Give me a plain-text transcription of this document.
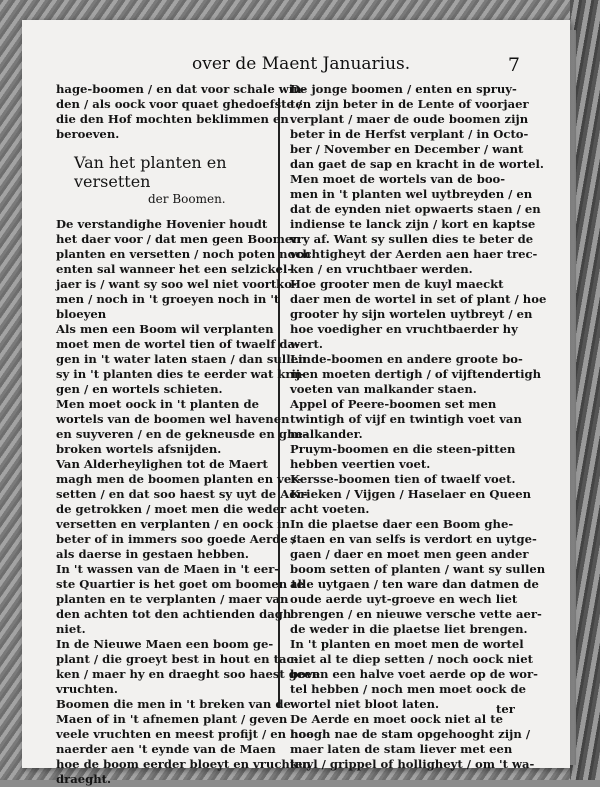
over de Maent Januarius.	7
hage-boomen / en dat voor schale win-
den / als oock voor quaet ghedoefste /
die den Hof mochten beklimmen en
beroeven.
Van het planten en versetten
der Boomen.
De verstandighe Hovenier houdt
het daer voor / dat men geen Boomen
planten en versetten / noch poten noch
enten sal wanneer het een selzickel-
jaer is / want sy soo wel niet voortko-
men / noch in 't groeyen noch in 't
bloeyen
Als men een Boom wil verplanten
moet men de wortel tien of twaelf da-
gen in 't water laten staen / dan sullen
sy in 't planten dies te eerder wat krij-
gen / en wortels schieten.
Men moet oock in 't planten de
wortels van de boomen wel havenen
en suyveren / en de gekneusde en ghe-
broken wortels afsnijden.
Van Alderheylighen tot de Maert
magh men de boomen planten en ver-
setten / en dat soo haest sy uyt de Aer-
de getrokken / moet men die weder
versetten en verplanten / en oock in
beter of in immers soo goede Aerde /
als daerse in gestaen hebben.
In 't wassen van de Maen in 't eer-
ste Quartier is het goet om boomen te
planten en te verplanten / maer van
den achten tot den achtienden dagh
niet.
In de Nieuwe Maen een boom ge-
plant / die groeyt best in hout en tac-
ken / maer hy en draeght soo haest geen
vruchten.
Boomen die men in 't breken van de
Maen of in 't afnemen plant / geven
veele vruchten en meest profijt / en hoe
naerder aen 't eynde van de Maen
hoe de boom eerder bloeyt en vruchten
draeght.
De jonge boomen / enten en spruy-
ten zijn beter in de Lente of voorjaer
verplant / maer de oude boomen zijn
beter in de Herfst verplant / in Octo-
ber / November en December / want
dan gaet de sap en kracht in de wortel.
Men moet de wortels van de boo-
men in 't planten wel uytbreyden / en
dat de eynden niet opwaerts staen / en
indiense te lanck zijn / kort en kaptse
vry af. Want sy sullen dies te beter de
vochtigheyt der Aerden aen haer trec-
ken / en vruchtbaer werden.
Hoe grooter men de kuyl maeckt
daer men de wortel in set of plant / hoe
grooter hy sijn wortelen uytbreyt / en
hoe voedigher en vruchtbaerder hy
wert.
Linde-boomen en andere groote bo-
men moeten dertigh / of vijftendertigh
voeten van malkander staen.
Appel of Peere-boomen set men
twintigh of vijf en twintigh voet van
malkander.
Pruym-boomen en die steen-pitten
hebben veertien voet.
Kersse-boomen tien of twaelf voet.
Krieken / Vijgen / Haselaer en Queen
acht voeten.
In die plaetse daer een Boom ghe-
staen en van selfs is verdort en uytge-
gaen / daer en moet men geen ander
boom setten of planten / want sy sullen
alle uytgaen / ten ware dan datmen de
oude aerde uyt-groeve en wech liet
brengen / en nieuwe versche vette aer-
de weder in die plaetse liet brengen.
In 't planten en moet men de wortel
niet al te diep setten / noch oock niet
boven een halve voet aerde op de wor-
tel hebben / noch men moet oock de
wortel niet bloot laten.
De Aerde en moet oock niet al te
hoogh nae de stam opgehooght zijn /
maer laten de stam liever met een
kuyl / grippel of holligheyt / om 't wa-
ter
